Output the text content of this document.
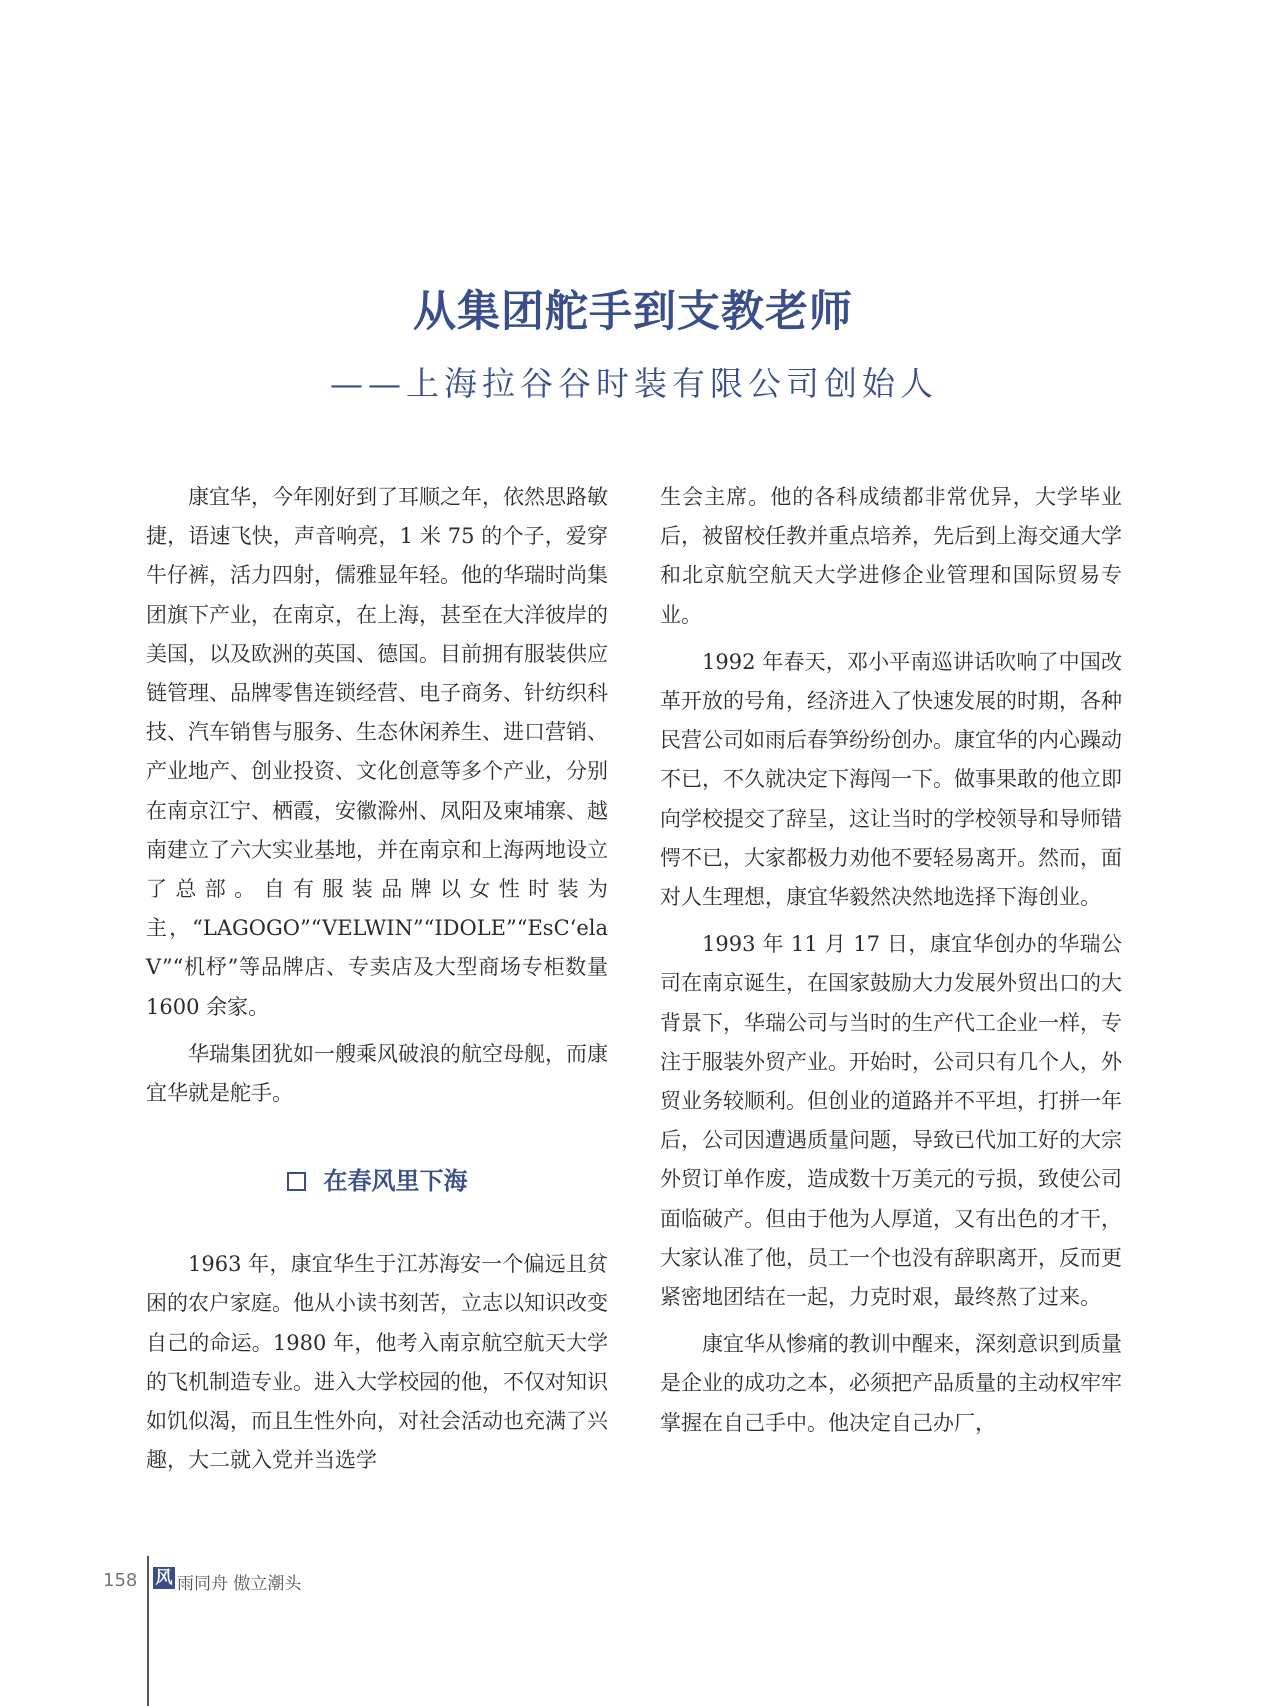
从集团舵手到支教老师
——上海拉谷谷时装有限公司创始人

康宜华，今年刚好到了耳顺之年，依然思路敏捷，语速飞快，声音响亮，1 米 75 的个子，爱穿牛仔裤，活力四射，儒雅显年轻。他的华瑞时尚集团旗下产业，在南京，在上海，甚至在大洋彼岸的美国，以及欧洲的英国、德国。目前拥有服装供应链管理、品牌零售连锁经营、电子商务、针纺织科技、汽车销售与服务、生态休闲养生、进口营销、产业地产、创业投资、文化创意等多个产业，分别在南京江宁、栖霞，安徽滁州、凤阳及柬埔寨、越南建立了六大实业基地，并在南京和上海两地设立了总部。自有服装品牌以女性时装为主，“LAGOGO”“VELWIN”“IDOLE”“EsC‘ela V”“机杼”等品牌店、专卖店及大型商场专柜数量 1600 余家。

华瑞集团犹如一艘乘风破浪的航空母舰，而康宜华就是舵手。

在春风里下海

1963 年，康宜华生于江苏海安一个偏远且贫困的农户家庭。他从小读书刻苦，立志以知识改变自己的命运。1980 年，他考入南京航空航天大学的飞机制造专业。进入大学校园的他，不仅对知识如饥似渴，而且生性外向，对社会活动也充满了兴趣，大二就入党并当选学

生会主席。他的各科成绩都非常优异，大学毕业后，被留校任教并重点培养，先后到上海交通大学和北京航空航天大学进修企业管理和国际贸易专业。

1992 年春天，邓小平南巡讲话吹响了中国改革开放的号角，经济进入了快速发展的时期，各种民营公司如雨后春笋纷纷创办。康宜华的内心躁动不已，不久就决定下海闯一下。做事果敢的他立即向学校提交了辞呈，这让当时的学校领导和导师错愕不已，大家都极力劝他不要轻易离开。然而，面对人生理想，康宜华毅然决然地选择下海创业。

1993 年 11 月 17 日，康宜华创办的华瑞公司在南京诞生，在国家鼓励大力发展外贸出口的大背景下，华瑞公司与当时的生产代工企业一样，专注于服装外贸产业。开始时，公司只有几个人，外贸业务较顺利。但创业的道路并不平坦，打拼一年后，公司因遭遇质量问题，导致已代加工好的大宗外贸订单作废，造成数十万美元的亏损，致使公司面临破产。但由于他为人厚道，又有出色的才干，大家认准了他，员工一个也没有辞职离开，反而更紧密地团结在一起，力克时艰，最终熬了过来。

康宜华从惨痛的教训中醒来，深刻意识到质量是企业的成功之本，必须把产品质量的主动权牢牢掌握在自己手中。他决定自己办厂，

158 风 雨同舟 傲立潮头
